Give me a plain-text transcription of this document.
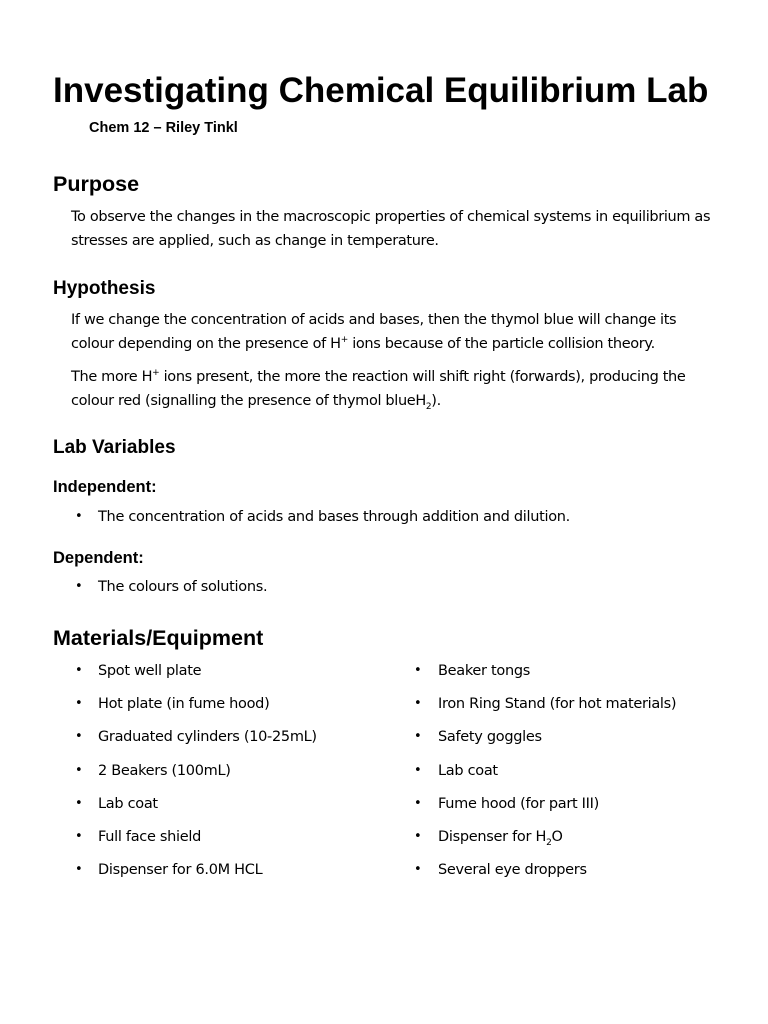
Investigating Chemical Equilibrium Lab
Chem 12 – Riley Tinkl
Purpose
To observe the changes in the macroscopic properties of chemical systems in equilibrium as stresses are applied, such as change in temperature.
Hypothesis
If we change the concentration of acids and bases, then the thymol blue will change its colour depending on the presence of H+ ions because of the particle collision theory.
The more H+ ions present, the more the reaction will shift right (forwards), producing the colour red (signalling the presence of thymol blueH$_2$).
Lab Variables
Independent:
• The concentration of acids and bases through addition and dilution.
Dependent:
• The colours of solutions.
Materials/Equipment
• Spot well plate
• Hot plate (in fume hood)
• Graduated cylinders (10-25mL)
• 2 Beakers (100mL)
• Lab coat
• Full face shield
• Dispenser for 6.0M HCL
• Beaker tongs
• Iron Ring Stand (for hot materials)
• Safety goggles
• Lab coat
• Fume hood (for part III)
• Dispenser for $H_2O$
• Several eye droppers
